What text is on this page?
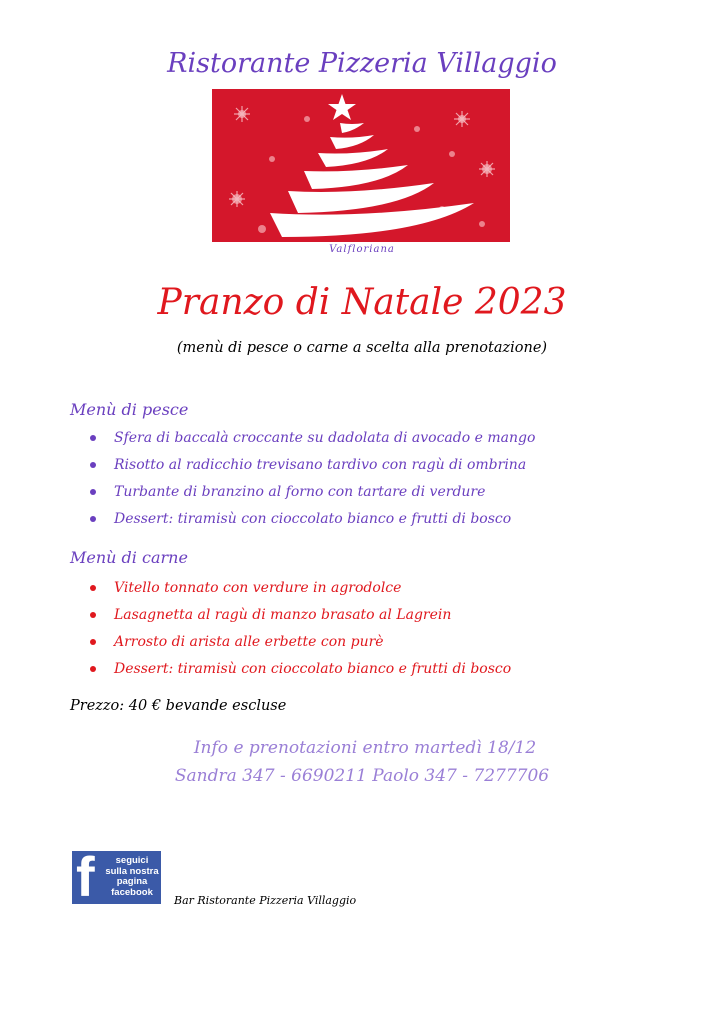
Ristorante Pizzeria Villaggio
Valfloriana
Pranzo di Natale 2023
(menù di pesce o carne a scelta alla prenotazione)
Menù di pesce
Sfera di baccalà croccante su dadolata di avocado e mango
Risotto al radicchio trevisano tardivo con ragù di ombrina
Turbante di branzino al forno con tartare di verdure
Dessert: tiramisù con cioccolato bianco e frutti di bosco
Menù di carne
Vitello tonnato con verdure in agrodolce
Lasagnetta al ragù di manzo brasato al Lagrein
Arrosto di arista alle erbette con purè
Dessert: tiramisù con cioccolato bianco e frutti di bosco
Prezzo: 40 € bevande escluse
Info e prenotazioni entro martedì 18/12
Sandra 347 - 6690211 Paolo 347 - 7277706
f	seguici
sulla nostra
pagina
facebook
Bar Ristorante Pizzeria Villaggio
